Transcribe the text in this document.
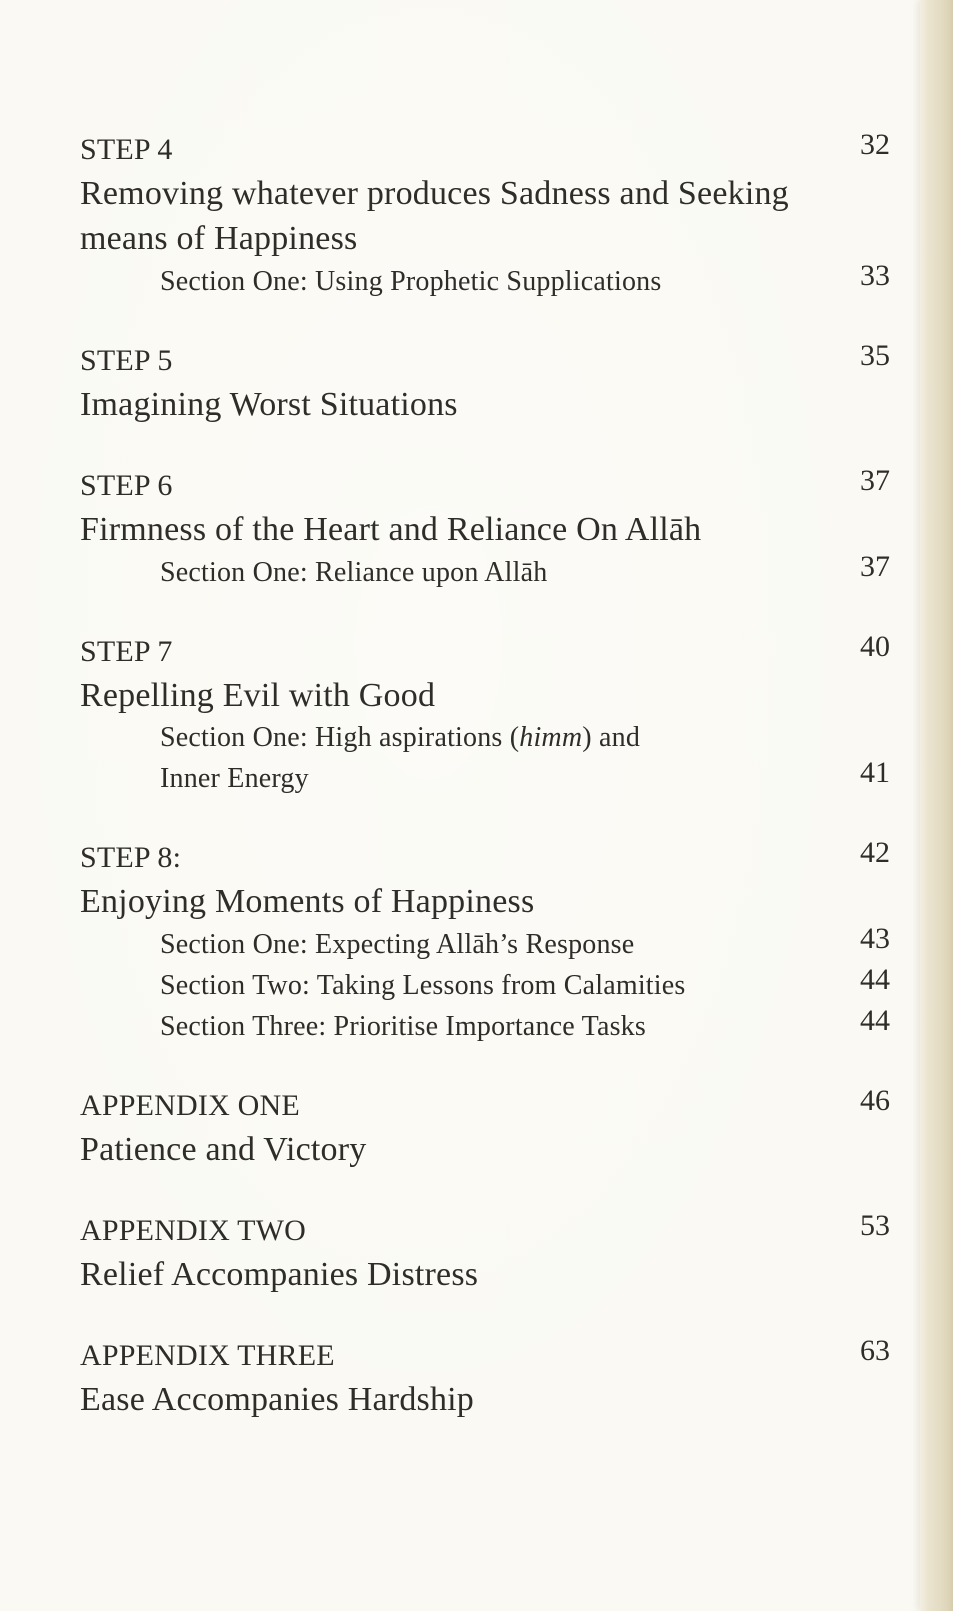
STEP 4	32
Removing whatever produces Sadness and Seeking
means of Happiness
Section One: Using Prophetic Supplications	33
STEP 5	35
Imagining Worst Situations
STEP 6	37
Firmness of the Heart and Reliance On Allāh
Section One: Reliance upon Allāh	37
STEP 7	40
Repelling Evil with Good
Section One: High aspirations (himm) and
Inner Energy	41
STEP 8:	42
Enjoying Moments of Happiness
Section One: Expecting Allāh’s Response	43
Section Two: Taking Lessons from Calamities	44
Section Three: Prioritise Importance Tasks	44
APPENDIX ONE	46
Patience and Victory
APPENDIX TWO	53
Relief Accompanies Distress
APPENDIX THREE	63
Ease Accompanies Hardship
